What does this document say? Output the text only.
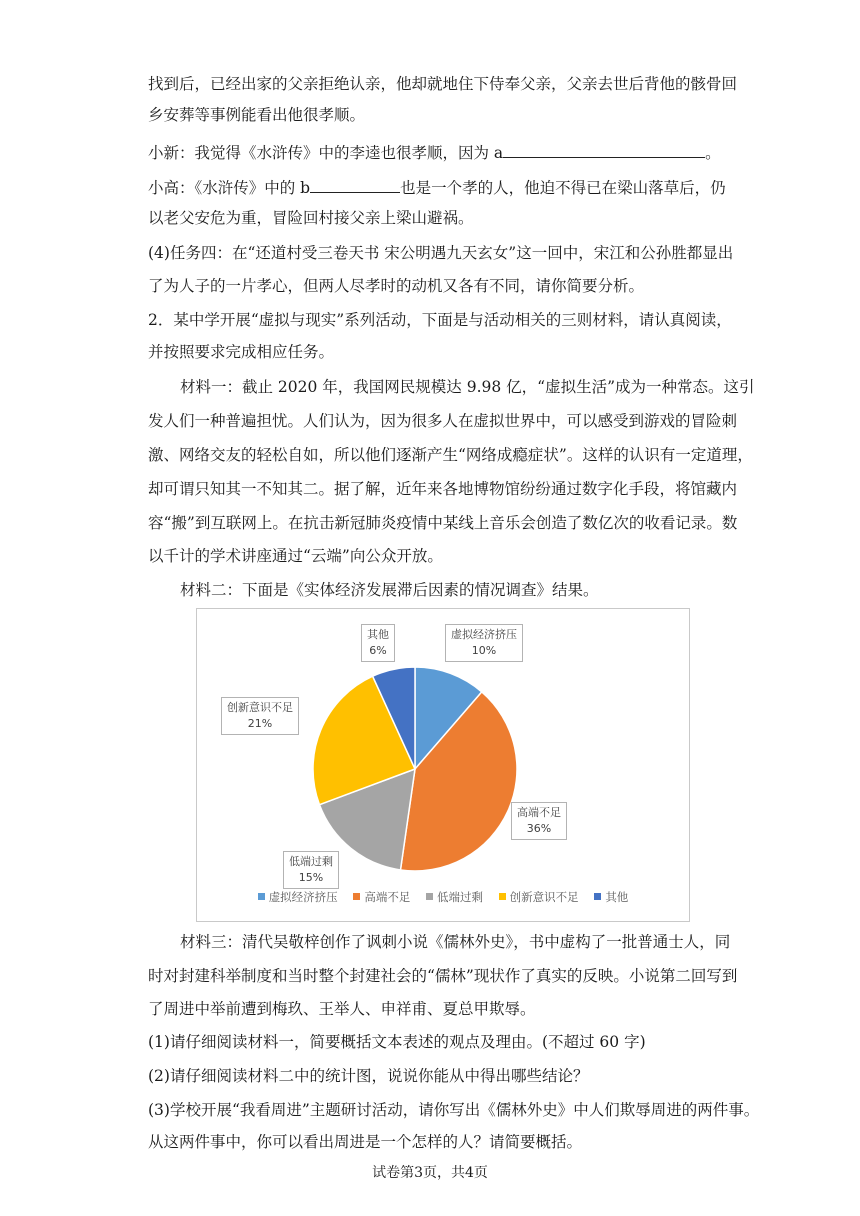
找到后，已经出家的父亲拒绝认亲，他却就地住下侍奉父亲，父亲去世后背他的骸骨回
乡安葬等事例能看出他很孝顺。
小新：我觉得《水浒传》中的李逵也很孝顺，因为 a	。
小高：《水浒传》中的 b	也是一个孝的人，他迫不得已在梁山落草后，仍
以老父安危为重，冒险回村接父亲上梁山避祸。
(4)任务四：在“还道村受三卷天书 宋公明遇九天玄女”这一回中，宋江和公孙胜都显出
了为人子的一片孝心，但两人尽孝时的动机又各有不同，请你简要分析。
2．某中学开展“虚拟与现实”系列活动，下面是与活动相关的三则材料，请认真阅读，
并按照要求完成相应任务。
材料一：截止 2020 年，我国网民规模达 9.98 亿，“虚拟生活”成为一种常态。这引
发人们一种普遍担忧。人们认为，因为很多人在虚拟世界中，可以感受到游戏的冒险刺
激、网络交友的轻松自如，所以他们逐渐产生“网络成瘾症状”。这样的认识有一定道理，
却可谓只知其一不知其二。据了解，近年来各地博物馆纷纷通过数字化手段，将馆藏内
容“搬”到互联网上。在抗击新冠肺炎疫情中某线上音乐会创造了数亿次的收看记录。数
以千计的学术讲座通过“云端”向公众开放。
材料二：下面是《实体经济发展滞后因素的情况调查》结果。
虚拟经济挤压
10%
高端不足
36%
低端过剩
15%
创新意识不足
21%
其他
6%
虚拟经济挤压 高端不足 低端过剩 创新意识不足 其他
材料三：清代吴敬梓创作了讽刺小说《儒林外史》，书中虚构了一批普通士人，同
时对封建科举制度和当时整个封建社会的“儒林”现状作了真实的反映。小说第二回写到
了周进中举前遭到梅玖、王举人、申祥甫、夏总甲欺辱。
(1)请仔细阅读材料一，简要概括文本表述的观点及理由。(不超过 60 字)
(2)请仔细阅读材料二中的统计图，说说你能从中得出哪些结论？
(3)学校开展“我看周进”主题研讨活动，请你写出《儒林外史》中人们欺辱周进的两件事。
从这两件事中，你可以看出周进是一个怎样的人？请简要概括。
试卷第3页，共4页
